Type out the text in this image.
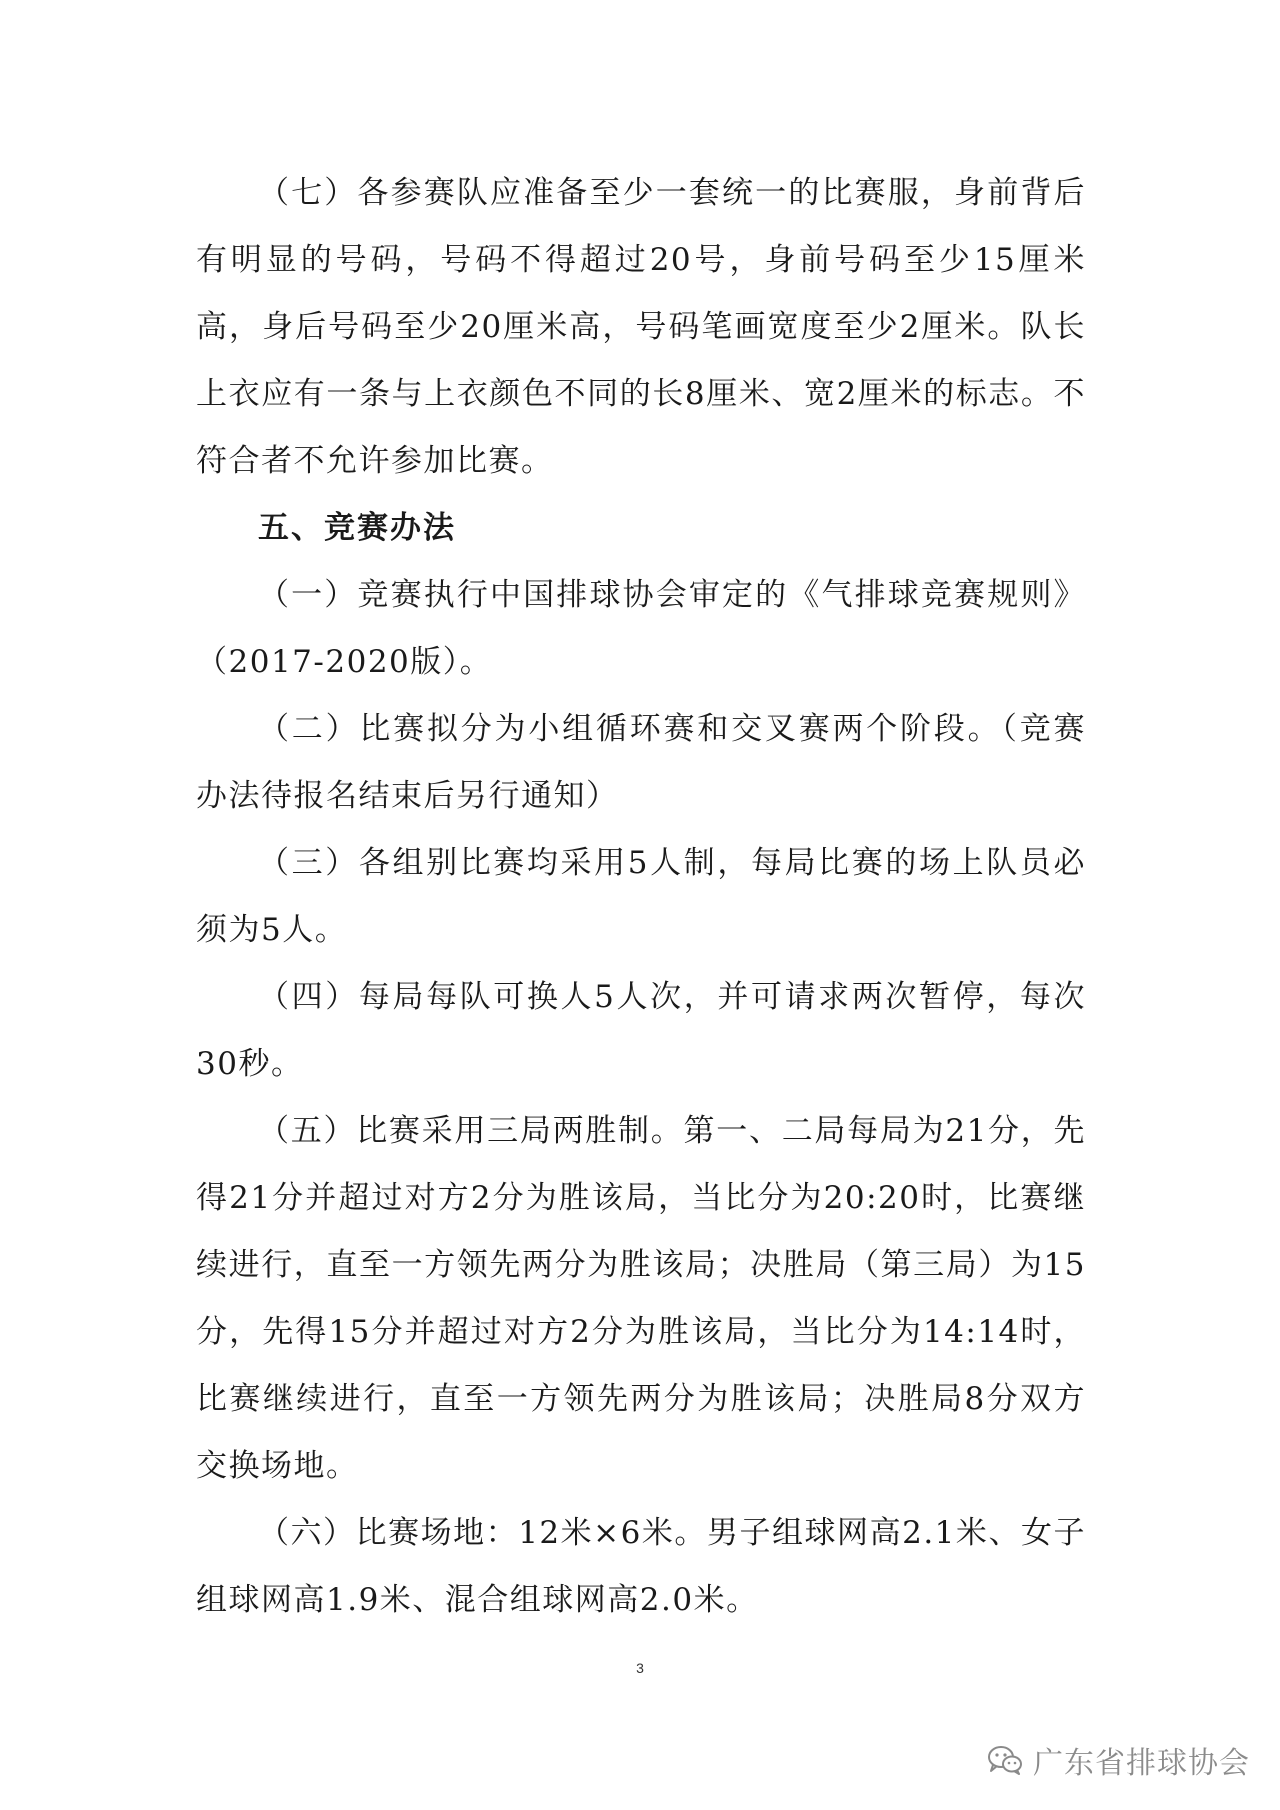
（七）各参赛队应准备至少一套统一的比赛服，身前背后有明显的号码，号码不得超过20号，身前号码至少15厘米高，身后号码至少20厘米高，号码笔画宽度至少2厘米。队长上衣应有一条与上衣颜色不同的长8厘米、宽2厘米的标志。不符合者不允许参加比赛。

五、竞赛办法

（一）竞赛执行中国排球协会审定的《气排球竞赛规则》（2017-2020版）。

（二）比赛拟分为小组循环赛和交叉赛两个阶段。（竞赛办法待报名结束后另行通知）

（三）各组别比赛均采用5人制，每局比赛的场上队员必须为5人。

（四）每局每队可换人5人次，并可请求两次暂停，每次30秒。

（五）比赛采用三局两胜制。第一、二局每局为21分，先得21分并超过对方2分为胜该局，当比分为20:20时，比赛继续进行，直至一方领先两分为胜该局；决胜局（第三局）为15分，先得15分并超过对方2分为胜该局，当比分为14:14时，比赛继续进行，直至一方领先两分为胜该局；决胜局8分双方交换场地。

（六）比赛场地：12米×6米。男子组球网高2.1米、女子组球网高1.9米、混合组球网高2.0米。

3
广东省排球协会
